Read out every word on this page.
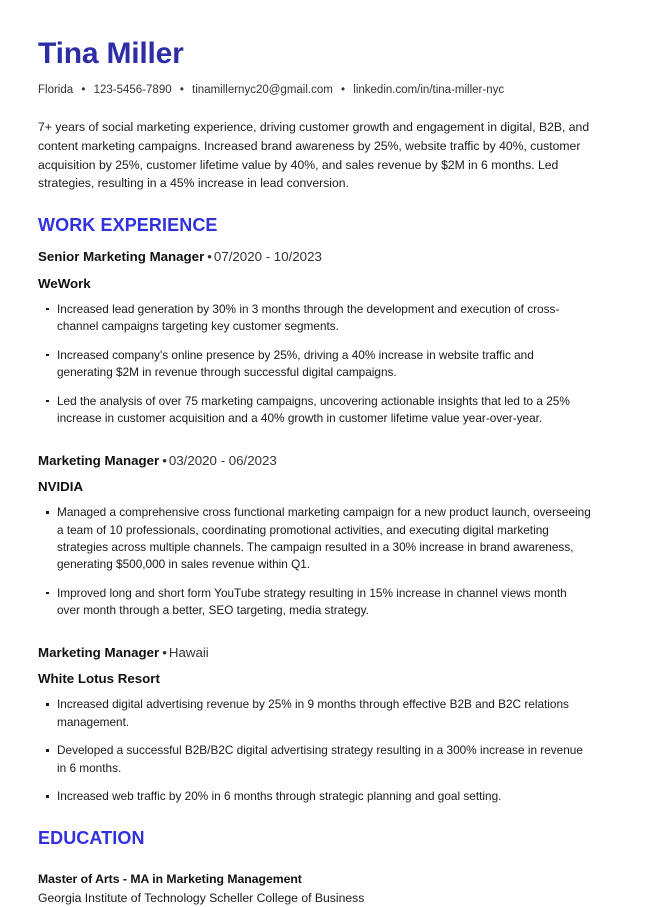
Tina Miller
Florida • 123-5456-7890 • tinamillernyc20@gmail.com • linkedin.com/in/tina-miller-nyc

7+ years of social marketing experience, driving customer growth and engagement in digital, B2B, and content marketing campaigns. Increased brand awareness by 25%, website traffic by 40%, customer acquisition by 25%, customer lifetime value by 40%, and sales revenue by $2M in 6 months. Led strategies, resulting in a 45% increase in lead conversion.

WORK EXPERIENCE
Senior Marketing Manager • 07/2020 - 10/2023
WeWork
Increased lead generation by 30% in 3 months through the development and execution of cross-channel campaigns targeting key customer segments.
Increased company's online presence by 25%, driving a 40% increase in website traffic and generating $2M in revenue through successful digital campaigns.
Led the analysis of over 75 marketing campaigns, uncovering actionable insights that led to a 25% increase in customer acquisition and a 40% growth in customer lifetime value year-over-year.
Marketing Manager • 03/2020 - 06/2023
NVIDIA
Managed a comprehensive cross functional marketing campaign for a new product launch, overseeing a team of 10 professionals, coordinating promotional activities, and executing digital marketing strategies across multiple channels. The campaign resulted in a 30% increase in brand awareness, generating $500,000 in sales revenue within Q1.
Improved long and short form YouTube strategy resulting in 15% increase in channel views month over month through a better, SEO targeting, media strategy.
Marketing Manager • Hawaii
White Lotus Resort
Increased digital advertising revenue by 25% in 9 months through effective B2B and B2C relations management.
Developed a successful B2B/B2C digital advertising strategy resulting in a 300% increase in revenue in 6 months.
Increased web traffic by 20% in 6 months through strategic planning and goal setting.
EDUCATION
Master of Arts - MA in Marketing Management
Georgia Institute of Technology Scheller College of Business
